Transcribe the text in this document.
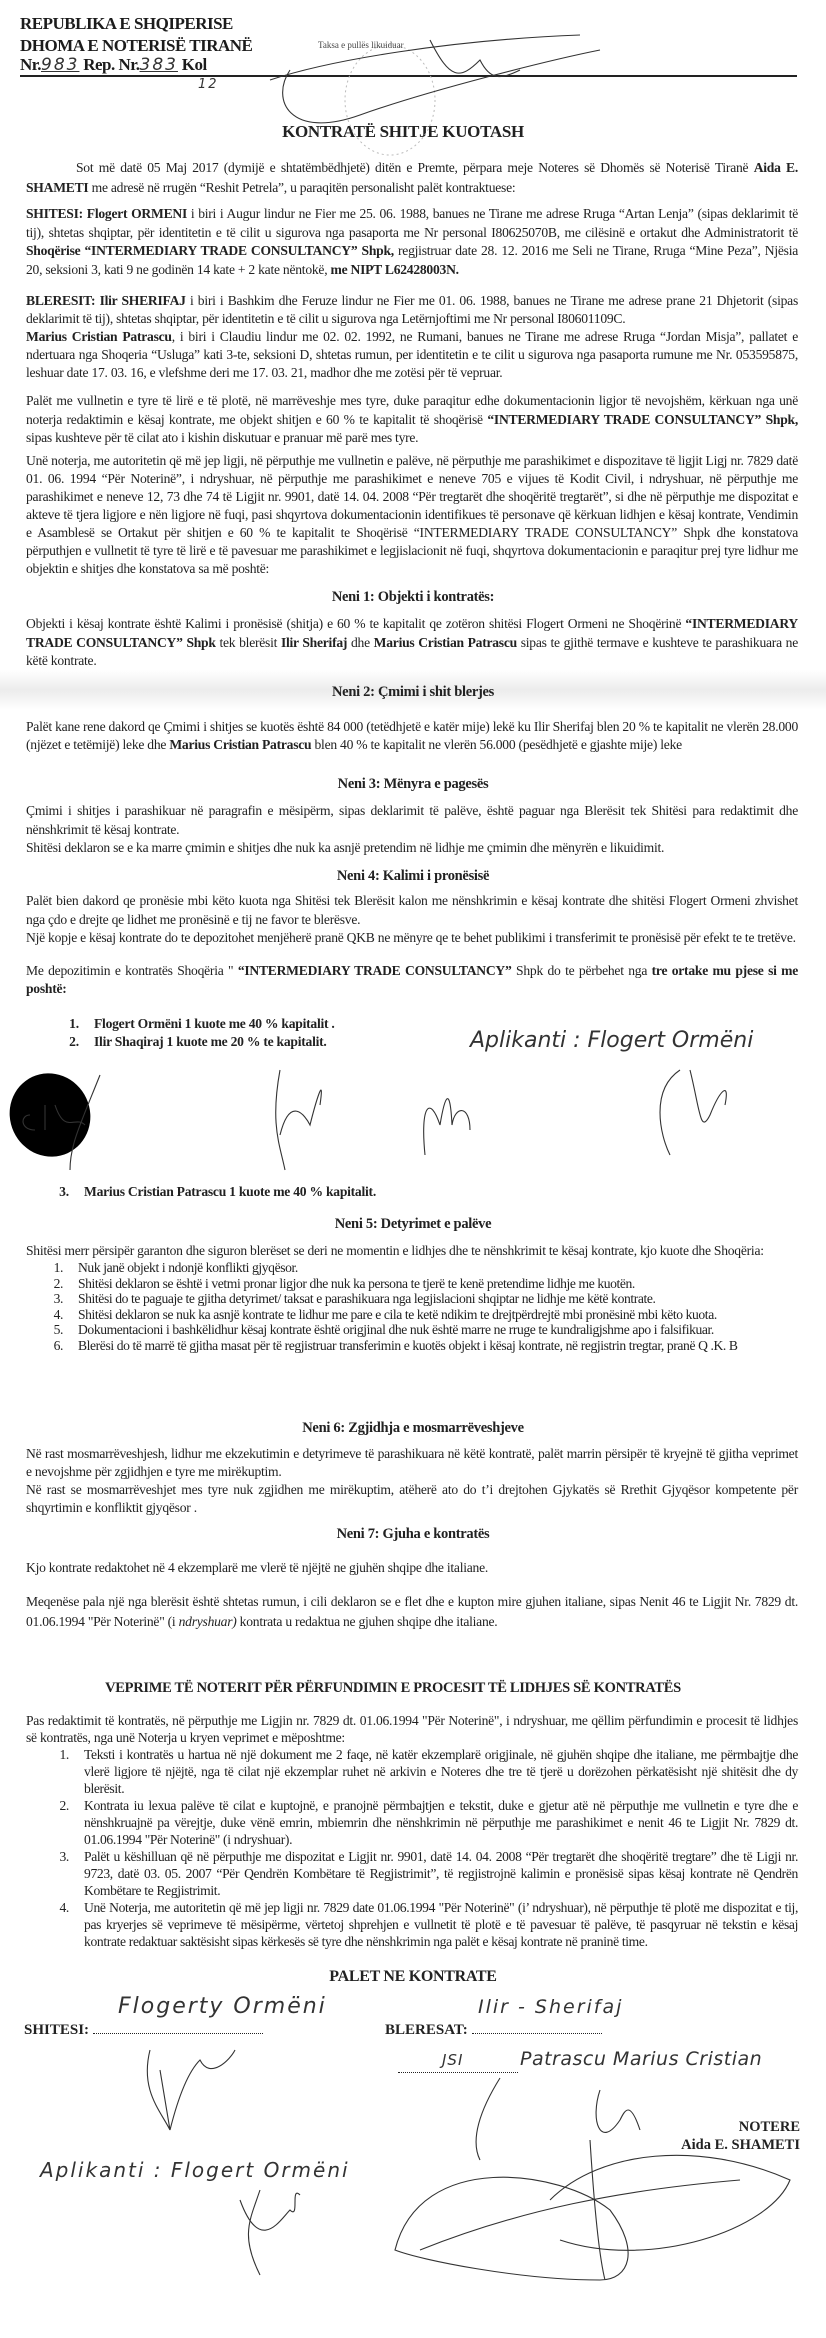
REPUBLIKA E SHQIPERISE
DHOMA E NOTERISË TIRANË
Nr.983 Rep. Nr.383 Kol
12
Taksa e pullës likuiduar
KONTRATË SHITJE KUOTASH
Sot më datë 05 Maj 2017 (dymijë e shtatëmbëdhjetë) ditën e Premte, përpara meje Noteres së Dhomës së Noterisë Tiranë Aida E. SHAMETI me adresë në rrugën “Reshit Petrela”, u paraqitën personalisht palët kontraktuese:
SHITESI: Flogert ORMENI i biri i Augur lindur ne Fier me 25. 06. 1988, banues ne Tirane me adrese Rruga “Artan Lenja” (sipas deklarimit të tij), shtetas shqiptar, për identitetin e të cilit u sigurova nga pasaporta me Nr personal I80625070B, me cilësinë e ortakut dhe Administratorit të Shoqërise “INTERMEDIARY TRADE CONSULTANCY” Shpk, regjistruar date 28. 12. 2016 me Seli ne Tirane, Rruga “Mine Peza”, Njësia 20, seksioni 3, kati 9 ne godinën 14 kate + 2 kate nëntokë, me NIPT L62428003N.
BLERESIT: Ilir SHERIFAJ i biri i Bashkim dhe Feruze lindur ne Fier me 01. 06. 1988, banues ne Tirane me adrese prane 21 Dhjetorit (sipas deklarimit të tij), shtetas shqiptar, për identitetin e të cilit u sigurova nga Letërnjoftimi me Nr personal I80601109C.
Marius Cristian Patrascu, i biri i Claudiu lindur me 02. 02. 1992, ne Rumani, banues ne Tirane me adrese Rruga “Jordan Misja”, pallatet e ndertuara nga Shoqeria “Usluga” kati 3-te, seksioni D, shtetas rumun, per identitetin e te cilit u sigurova nga pasaporta rumune me Nr. 053595875, leshuar date 17. 03. 16, e vlefshme deri me 17. 03. 21, madhor dhe me zotësi për të vepruar.
Palët me vullnetin e tyre të lirë e të plotë, në marrëveshje mes tyre, duke paraqitur edhe dokumentacionin ligjor të nevojshëm, kërkuan nga unë noterja redaktimin e kësaj kontrate, me objekt shitjen e 60 % te kapitalit të shoqërisë “INTERMEDIARY TRADE CONSULTANCY” Shpk, sipas kushteve për të cilat ato i kishin diskutuar e pranuar më parë mes tyre.
Unë noterja, me autoritetin që më jep ligji, në përputhje me vullnetin e palëve, në përputhje me parashikimet e dispozitave të ligjit Ligj nr. 7829 datë 01. 06. 1994 “Për Noterinë”, i ndryshuar, në përputhje me parashikimet e neneve 705 e vijues të Kodit Civil, i ndryshuar, në përputhje me parashikimet e neneve 12, 73 dhe 74 të Ligjit nr. 9901, datë 14. 04. 2008 “Për tregtarët dhe shoqëritë tregtarët”, si dhe në përputhje me dispozitat e akteve të tjera ligjore e nën ligjore në fuqi, pasi shqyrtova dokumentacionin identifikues të personave që kërkuan lidhjen e kësaj kontrate, Vendimin e Asamblesë se Ortakut për shitjen e 60 % te kapitalit te Shoqërisë “INTERMEDIARY TRADE CONSULTANCY” Shpk dhe konstatova përputhjen e vullnetit të tyre të lirë e të pavesuar me parashikimet e legjislacionit në fuqi, shqyrtova dokumentacionin e paraqitur prej tyre lidhur me objektin e shitjes dhe konstatova sa më poshtë:
Neni 1: Objekti i kontratës:
Objekti i kësaj kontrate është Kalimi i pronësisë (shitja) e 60 % te kapitalit qe zotëron shitësi Flogert Ormeni ne Shoqërinë “INTERMEDIARY TRADE CONSULTANCY” Shpk tek blerësit Ilir Sherifaj dhe Marius Cristian Patrascu sipas te gjithë termave e kushteve te parashikuara ne këtë kontrate.
Neni 2: Çmimi i shit blerjes
Palët kane rene dakord qe Çmimi i shitjes se kuotës është 84 000 (tetëdhjetë e katër mije) lekë ku Ilir Sherifaj blen 20 % te kapitalit ne vlerën 28.000 (njëzet e tetëmijë) leke dhe Marius Cristian Patrascu blen 40 % te kapitalit ne vlerën 56.000 (pesëdhjetë e gjashte mije) leke
Neni 3: Mënyra e pagesës
Çmimi i shitjes i parashikuar në paragrafin e mësipërm, sipas deklarimit të palëve, është paguar nga Blerësit tek Shitësi para redaktimit dhe nënshkrimit të kësaj kontrate.
Shitësi deklaron se e ka marre çmimin e shitjes dhe nuk ka asnjë pretendim në lidhje me çmimin dhe mënyrën e likuidimit.
Neni 4: Kalimi i pronësisë
Palët bien dakord qe pronësie mbi këto kuota nga Shitësi tek Blerësit kalon me nënshkrimin e kësaj kontrate dhe shitësi Flogert Ormeni zhvishet nga çdo e drejte qe lidhet me pronësinë e tij ne favor te blerësve.
Një kopje e kësaj kontrate do te depozitohet menjëherë pranë QKB ne mënyre qe te behet publikimi i transferimit te pronësisë për efekt te te tretëve.
Me depozitimin e kontratës Shoqëria " “INTERMEDIARY TRADE CONSULTANCY” Shpk do te përbehet nga tre ortake mu pjese si me poshtë:
1. Flogert Ormëni 1 kuote me 40 % kapitalit .
2. Ilir Shaqiraj 1 kuote me 20 % te kapitalit.	Aplikanti : Flogert Ormëni
3. Marius Cristian Patrascu 1 kuote me 40 % kapitalit.
Neni 5: Detyrimet e palëve
Shitësi merr përsipër garanton dhe siguron blerëset se deri ne momentin e lidhjes dhe te nënshkrimit te kësaj kontrate, kjo kuote dhe Shoqëria:
1. Nuk janë objekt i ndonjë konflikti gjyqësor.
2. Shitësi deklaron se është i vetmi pronar ligjor dhe nuk ka persona te tjerë te kenë pretendime lidhje me kuotën.
3. Shitësi do te paguaje te gjitha detyrimet/ taksat e parashikuara nga legjislacioni shqiptar ne lidhje me këtë kontrate.
4. Shitësi deklaron se nuk ka asnjë kontrate te lidhur me pare e cila te ketë ndikim te drejtpërdrejtë mbi pronësinë mbi këto kuota.
5. Dokumentacioni i bashkëlidhur kësaj kontrate është origjinal dhe nuk është marre ne rruge te kundraligjshme apo i falsifikuar.
6. Blerësi do të marrë të gjitha masat për të regjistruar transferimin e kuotës objekt i kësaj kontrate, në regjistrin tregtar, pranë Q .K. B
Neni 6: Zgjidhja e mosmarrëveshjeve
Në rast mosmarrëveshjesh, lidhur me ekzekutimin e detyrimeve të parashikuara në këtë kontratë, palët marrin përsipër të kryejnë të gjitha veprimet e nevojshme për zgjidhjen e tyre me mirëkuptim.
Në rast se mosmarrëveshjet mes tyre nuk zgjidhen me mirëkuptim, atëherë ato do t’i drejtohen Gjykatës së Rrethit Gjyqësor kompetente për shqyrtimin e konfliktit gjyqësor .
Neni 7: Gjuha e kontratës
Kjo kontrate redaktohet në 4 ekzemplarë me vlerë të njëjtë ne gjuhën shqipe dhe italiane.
Meqenëse pala një nga blerësit është shtetas rumun, i cili deklaron se e flet dhe e kupton mire gjuhen italiane, sipas Nenit 46 te Ligjit Nr. 7829 dt. 01.06.1994 "Për Noterinë" (i ndryshuar) kontrata u redaktua ne gjuhen shqipe dhe italiane.
VEPRIME TË NOTERIT PËR PËRFUNDIMIN E PROCESIT TË LIDHJES SË KONTRATËS
Pas redaktimit të kontratës, në përputhje me Ligjin nr. 7829 dt. 01.06.1994 "Për Noterinë", i ndryshuar, me qëllim përfundimin e procesit të lidhjes së kontratës, nga unë Noterja u kryen veprimet e mëposhtme:
1. Teksti i kontratës u hartua në një dokument me 2 faqe, në katër ekzemplarë origjinale, në gjuhën shqipe dhe italiane, me përmbajtje dhe vlerë ligjore të njëjtë, nga të cilat një ekzemplar ruhet në arkivin e Noteres dhe tre të tjerë u dorëzohen përkatësisht një shitësit dhe dy blerësit.
2. Kontrata iu lexua palëve të cilat e kuptojnë, e pranojnë përmbajtjen e tekstit, duke e gjetur atë në përputhje me vullnetin e tyre dhe e nënshkruajnë pa vërejtje, duke vënë emrin, mbiemrin dhe nënshkrimin në përputhje me parashikimet e nenit 46 te Ligjit Nr. 7829 dt. 01.06.1994 "Për Noterinë" (i ndryshuar).
3. Palët u këshilluan që në përputhje me dispozitat e Ligjit nr. 9901, datë 14. 04. 2008 “Për tregtarët dhe shoqëritë tregtare” dhe të Ligji nr. 9723, datë 03. 05. 2007 “Për Qendrën Kombëtare të Regjistrimit”, të regjistrojnë kalimin e pronësisë sipas kësaj kontrate në Qendrën Kombëtare te Regjistrimit.
4. Unë Noterja, me autoritetin që më jep ligji nr. 7829 date 01.06.1994 "Për Noterinë" (i’ ndryshuar), në përputhje të plotë me dispozitat e tij, pas kryerjes së veprimeve të mësipërme, vërtetoj shprehjen e vullnetit të plotë e të pavesuar të palëve, të pasqyruar në tekstin e kësaj kontrate redaktuar saktësisht sipas kërkesës së tyre dhe nënshkrimin nga palët e kësaj kontrate në praninë time.
PALET NE KONTRATE
SHITESI:	BLERESAT:
Flogerty Ormëni	Ilir - Sherifaj
Patrascu Marius Cristian
JSI
Aplikanti : Flogert Ormëni
NOTERE
Aida E. SHAMETI
